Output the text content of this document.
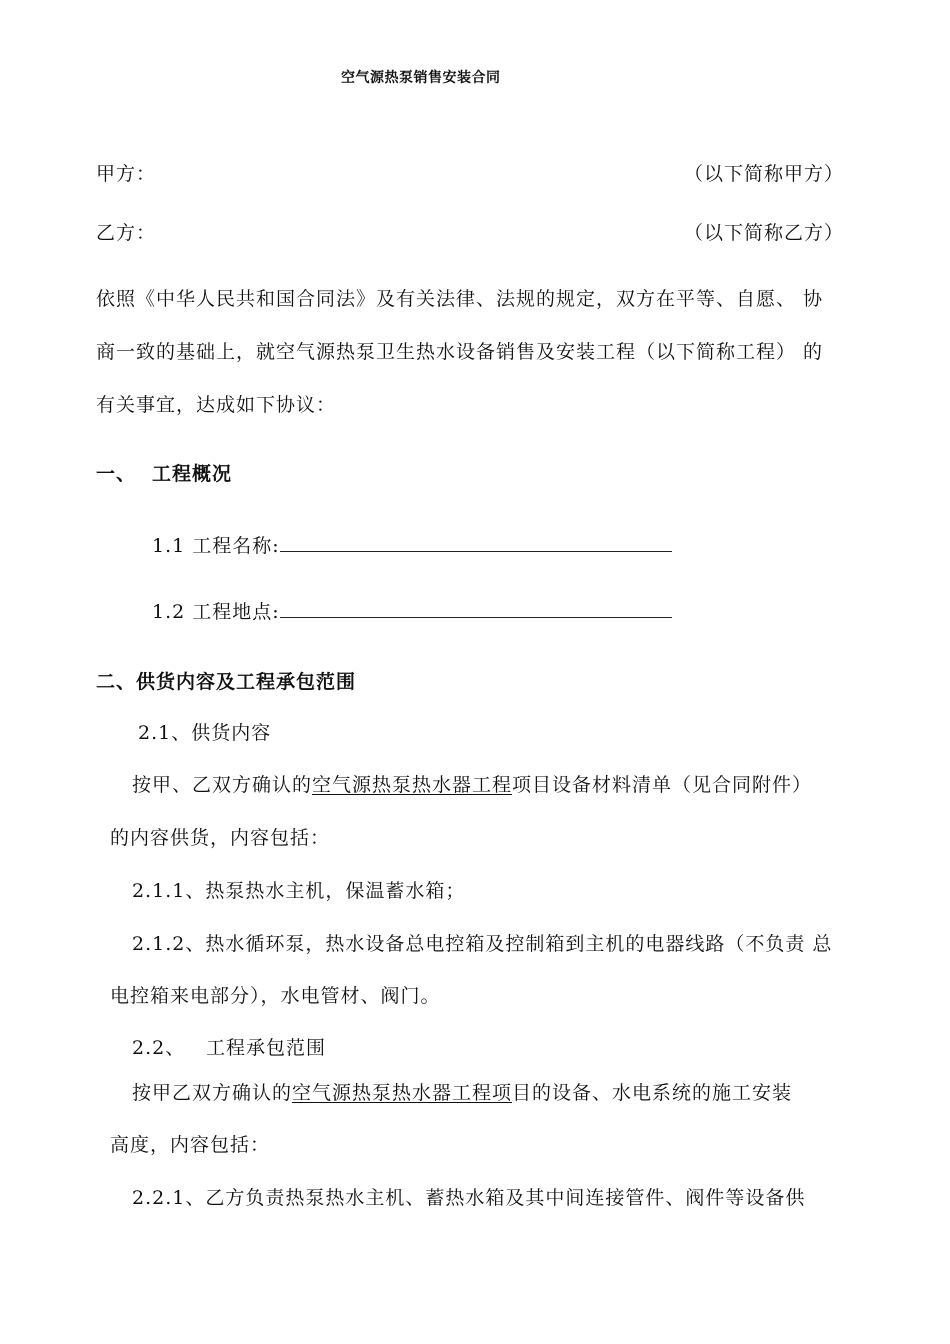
空气源热泵销售安装合同
甲方：	（以下简称甲方）
乙方：	（以下简称乙方）
依照《中华人民共和国合同法》及有关法律、法规的规定，双方在平等、自愿、 协
商一致的基础上，就空气源热泵卫生热水设备销售及安装工程（以下简称工程） 的
有关事宜，达成如下协议：
一、 工程概况
1.1 工程名称:
1.2 工程地点:
二、供货内容及工程承包范围
2.1、供货内容
按甲、乙双方确认的空气源热泵热水器工程项目设备材料清单（见合同附件）
的内容供货，内容包括：
2.1.1、热泵热水主机，保温蓄水箱；
2.1.2、热水循环泵，热水设备总电控箱及控制箱到主机的电器线路（不负责 总
电控箱来电部分），水电管材、阀门。
2.2、 工程承包范围
按甲乙双方确认的空气源热泵热水器工程项目的设备、水电系统的施工安装
高度，内容包括：
2.2.1、乙方负责热泵热水主机、蓄热水箱及其中间连接管件、阀件等设备供
